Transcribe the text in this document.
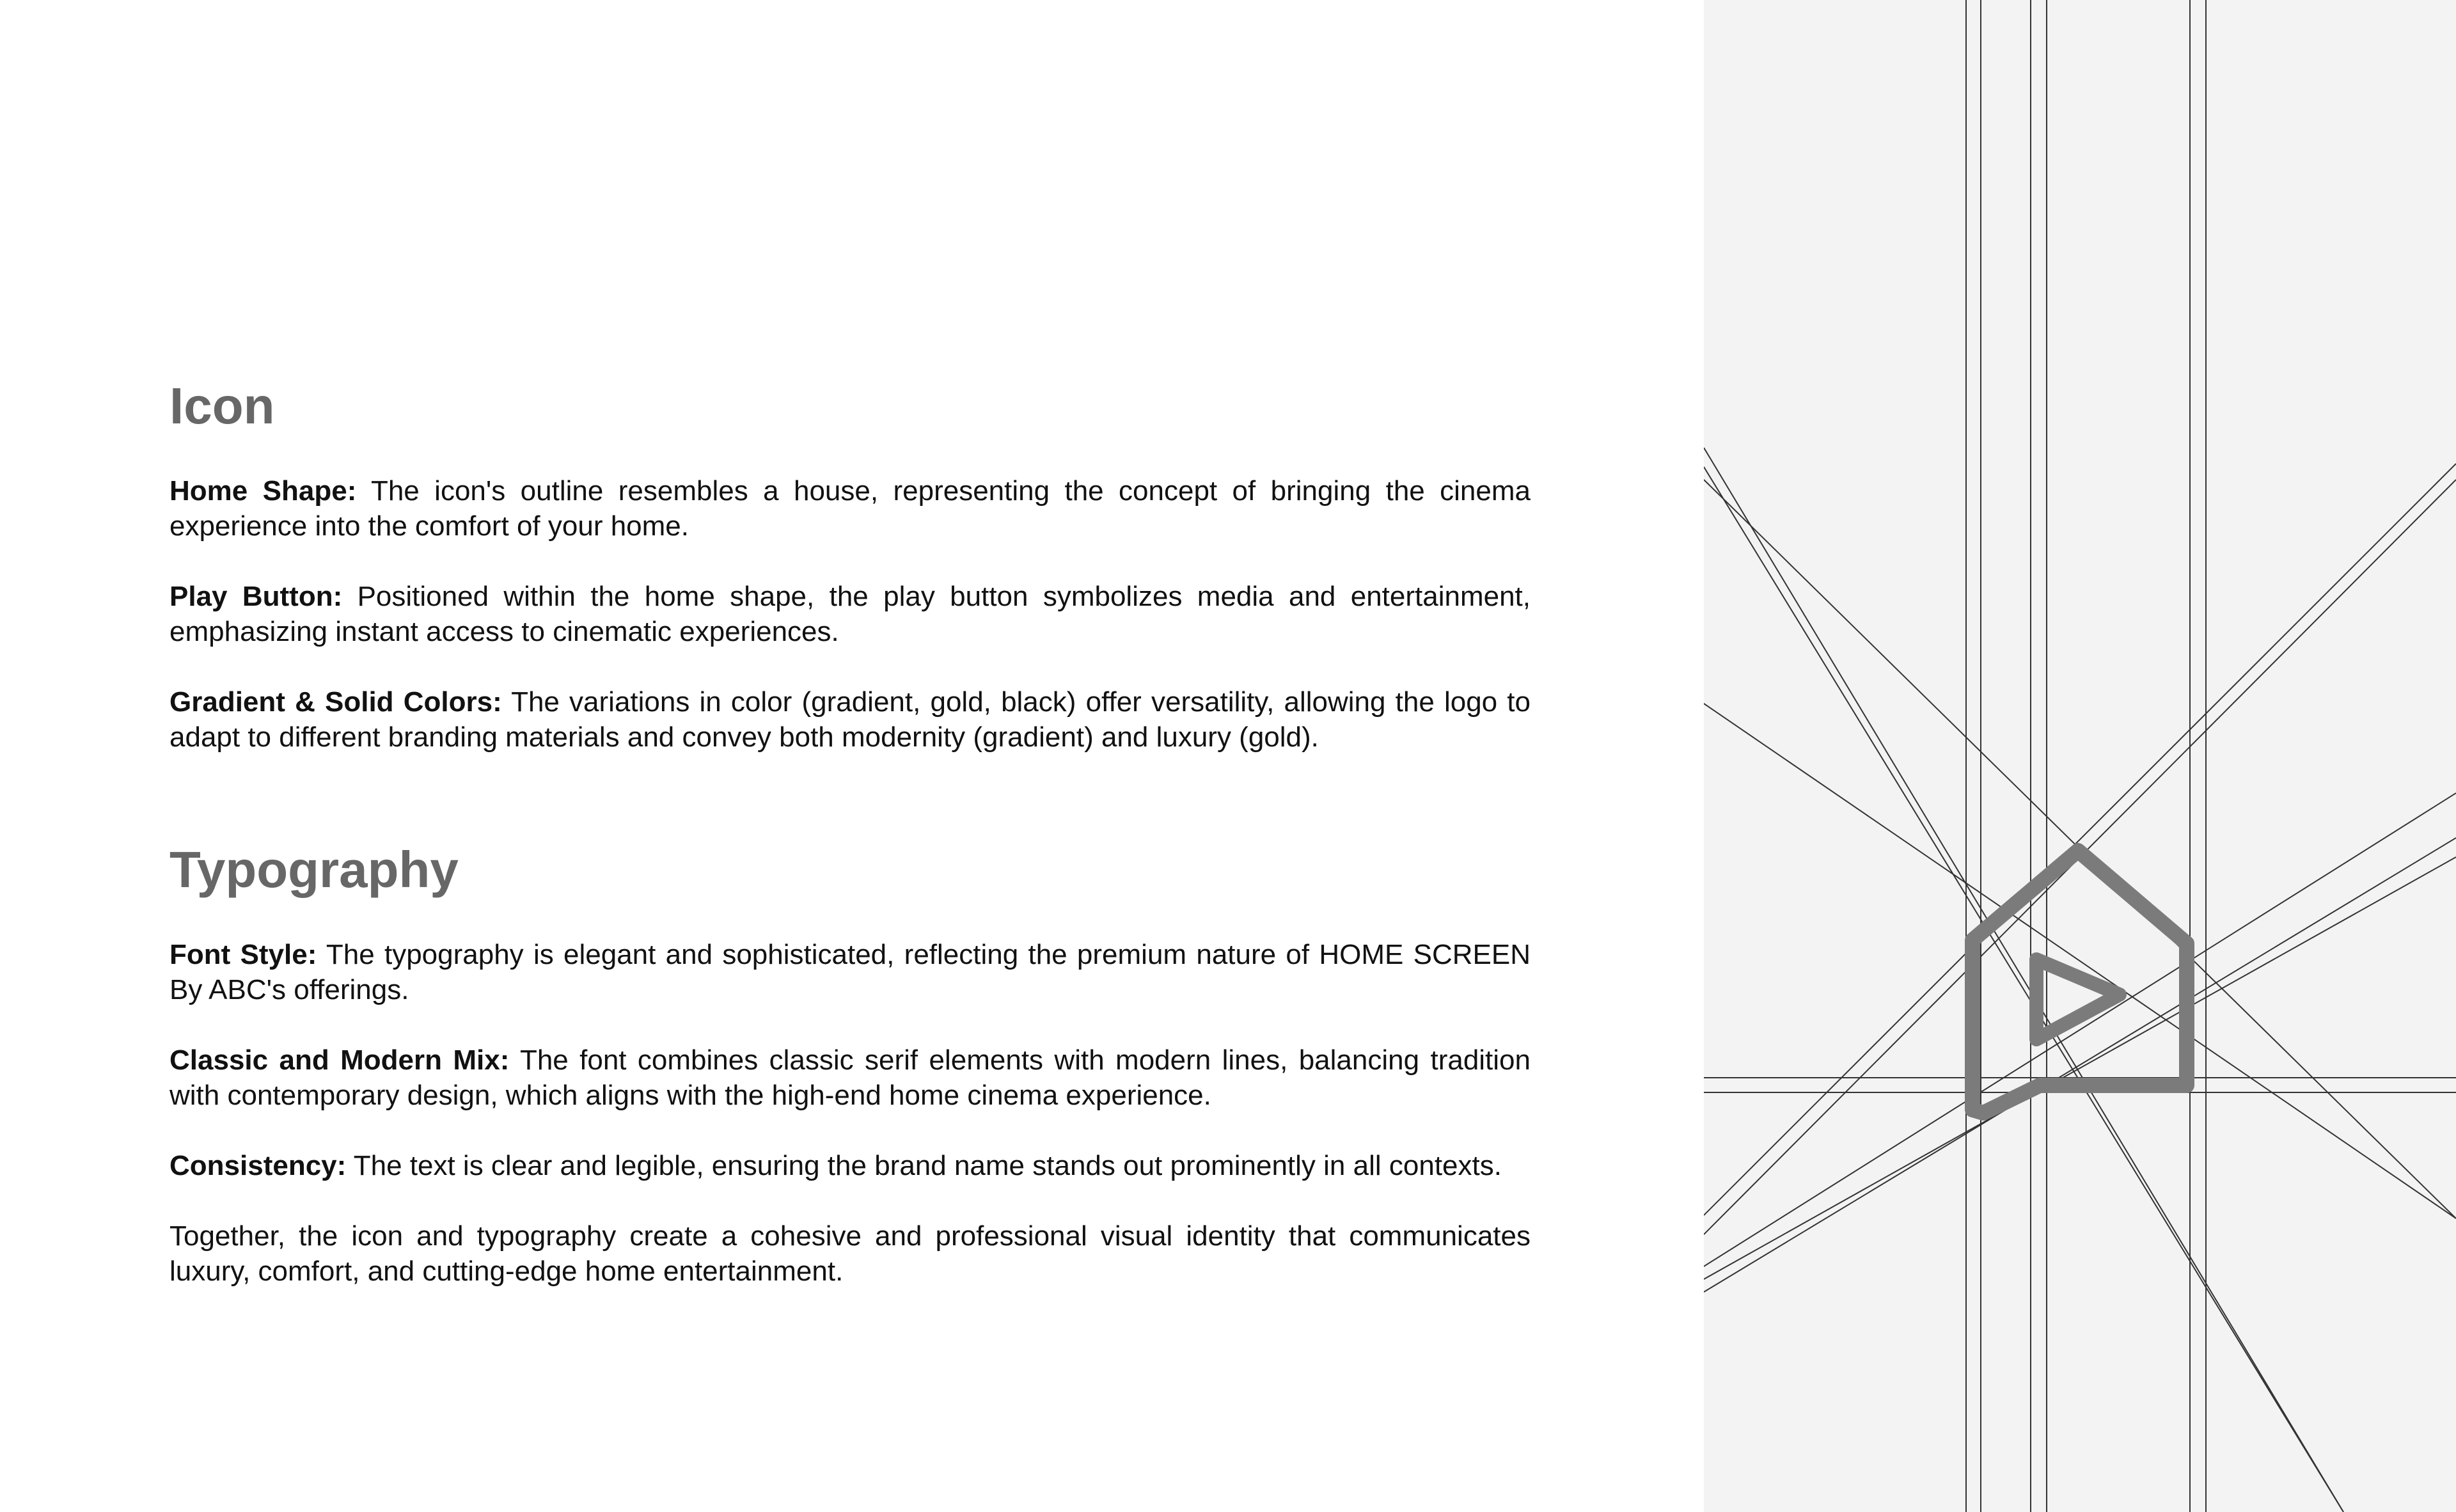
Icon

Home Shape: The icon's outline resembles a house, representing the concept of bringing the cinema experience into the comfort of your home.

Play Button: Positioned within the home shape, the play button symbolizes media and entertainment, emphasizing instant access to cinematic experiences.

Gradient & Solid Colors: The variations in color (gradient, gold, black) offer versatility, allowing the logo to adapt to different branding materials and convey both modernity (gradient) and luxury (gold).

Typography

Font Style: The typography is elegant and sophisticated, reflecting the premium nature of HOME SCREEN By ABC's offerings.

Classic and Modern Mix: The font combines classic serif elements with modern lines, balancing tradition with contemporary design, which aligns with the high-end home cinema experience.

Consistency: The text is clear and legible, ensuring the brand name stands out prominently in all contexts.

Together, the icon and typography create a cohesive and professional visual identity that communicates luxury, comfort, and cutting-edge home entertainment.
